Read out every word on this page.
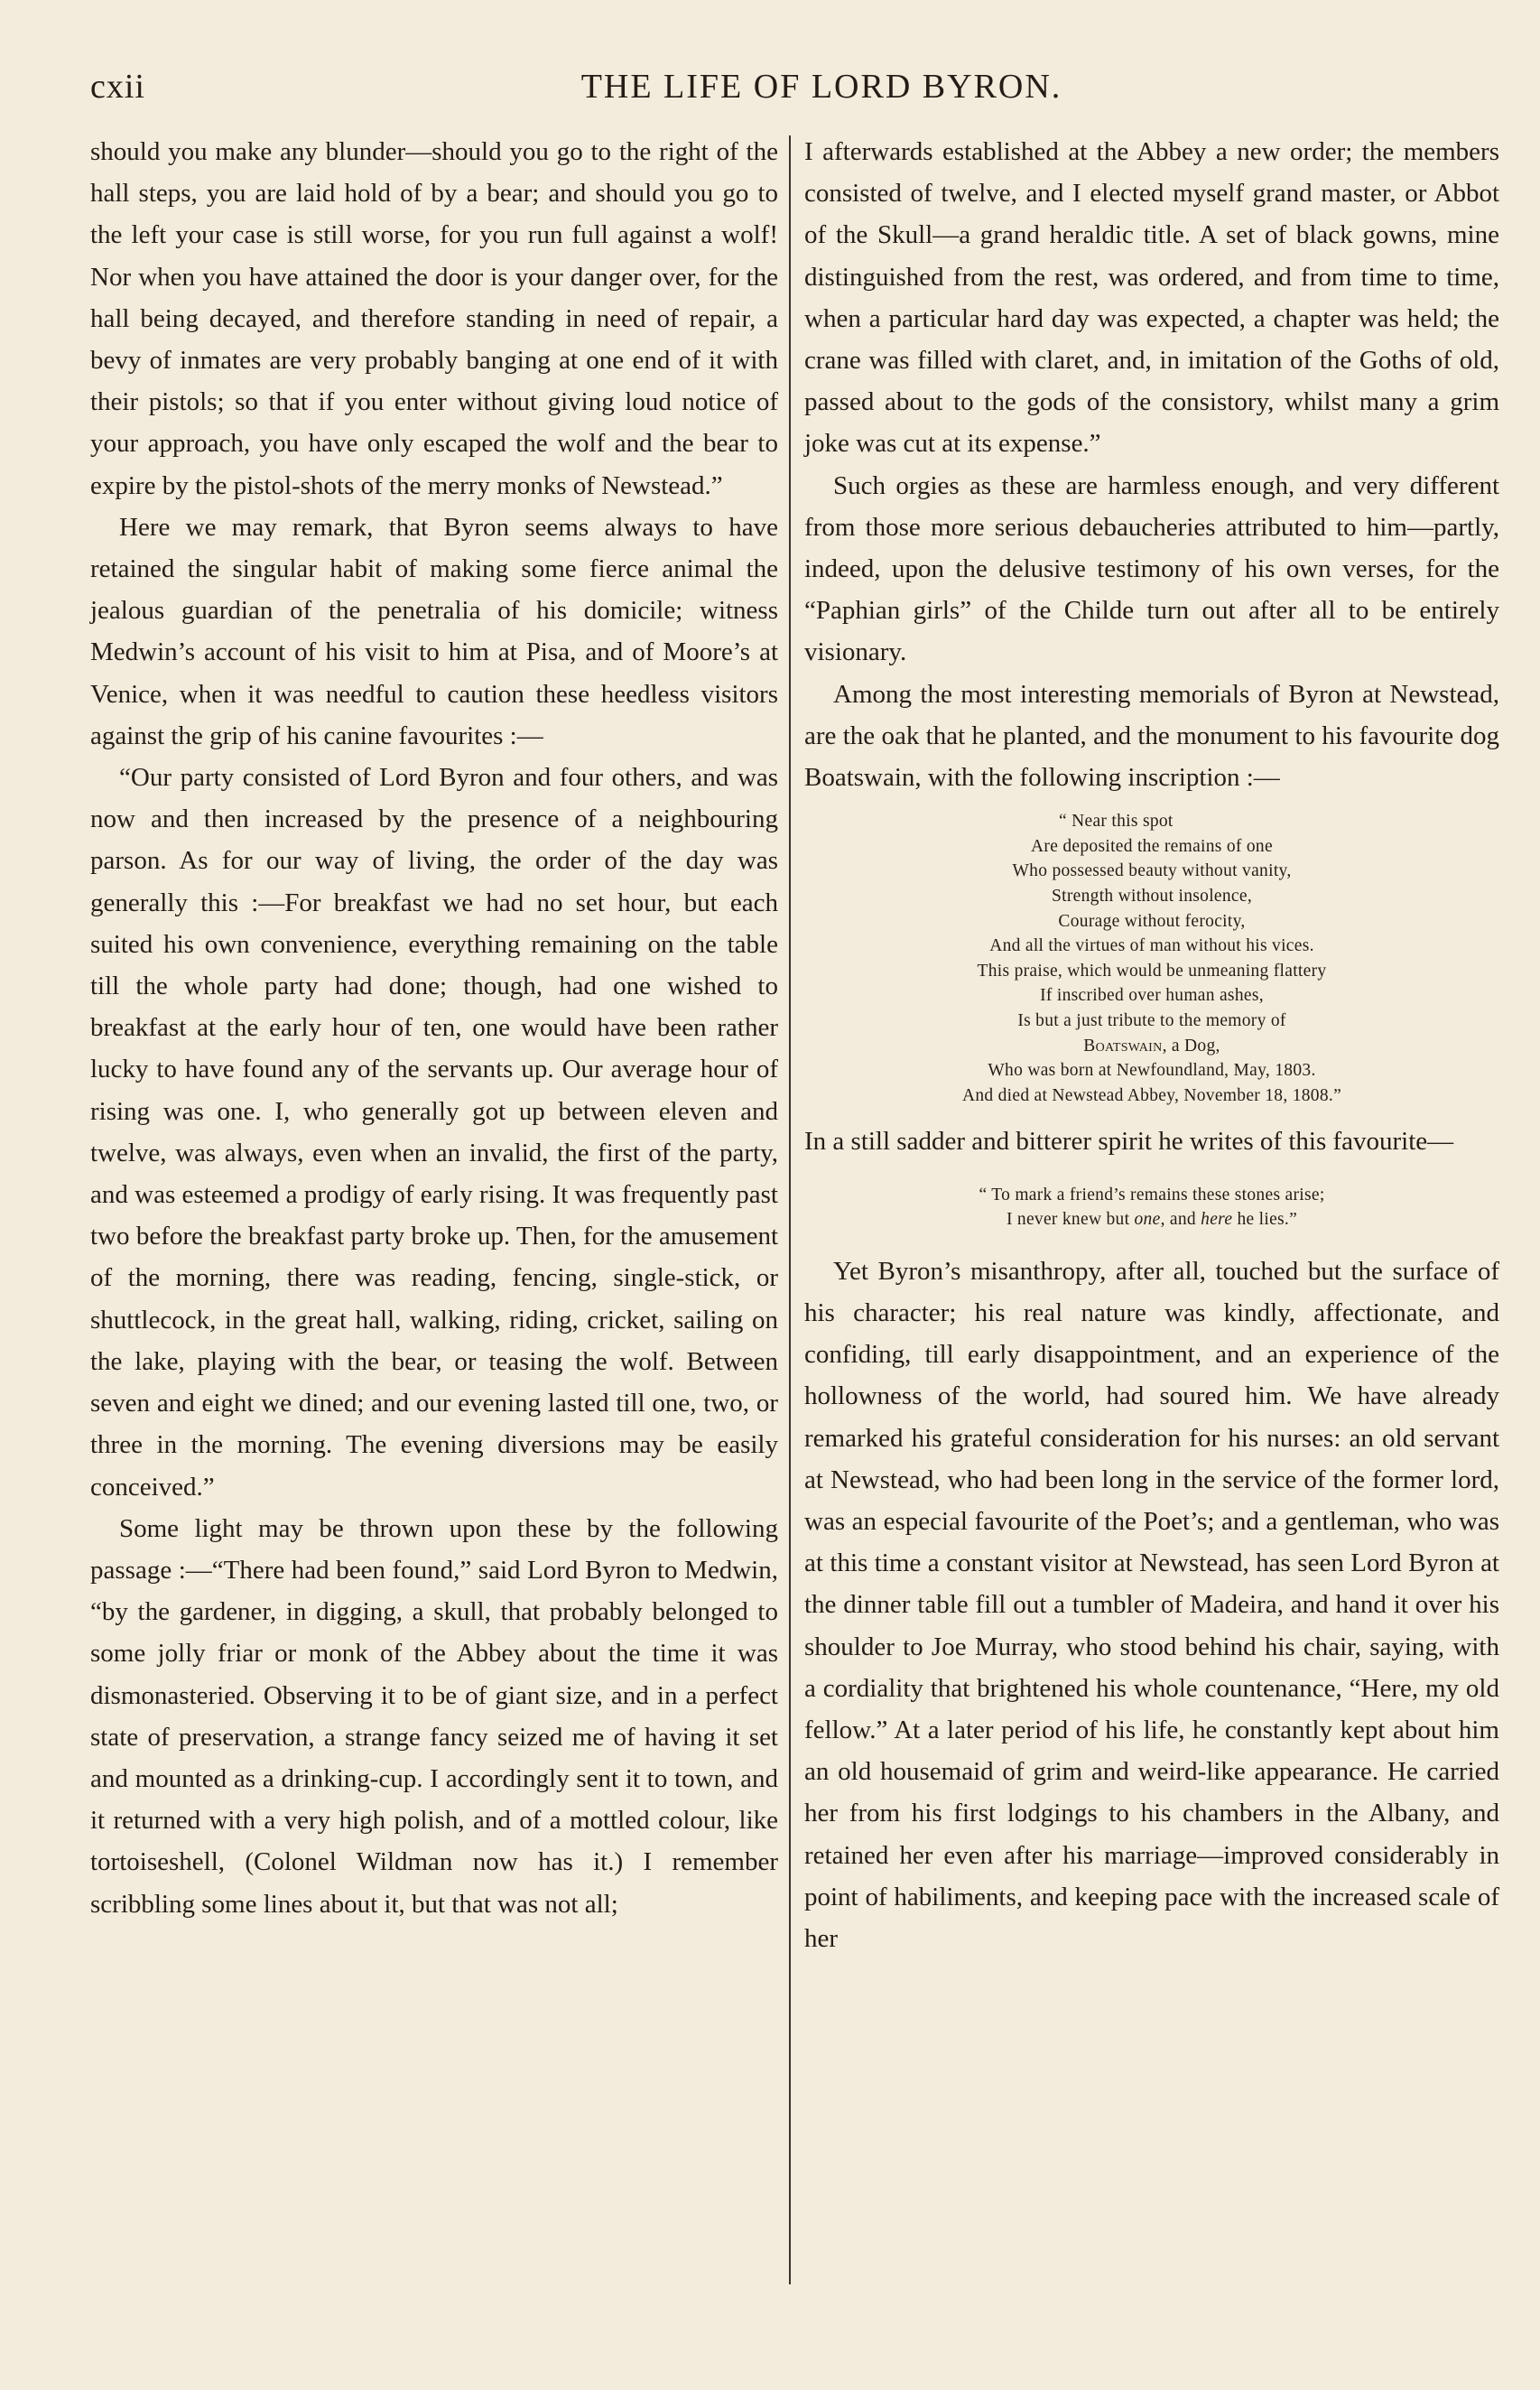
cxii	THE LIFE OF LORD BYRON.

should you make any blunder—should you go to the right of the hall steps, you are laid hold of by a bear; and should you go to the left your case is still worse, for you run full against a wolf! Nor when you have attained the door is your danger over, for the hall being decayed, and therefore standing in need of repair, a bevy of inmates are very probably banging at one end of it with their pistols; so that if you enter without giving loud notice of your approach, you have only escaped the wolf and the bear to expire by the pistol-shots of the merry monks of Newstead.”

Here we may remark, that Byron seems always to have retained the singular habit of making some fierce animal the jealous guardian of the penetralia of his domicile; witness Medwin’s account of his visit to him at Pisa, and of Moore’s at Venice, when it was needful to caution these heedless visitors against the grip of his canine favourites :—

“Our party consisted of Lord Byron and four others, and was now and then increased by the presence of a neighbouring parson. As for our way of living, the order of the day was generally this :—For breakfast we had no set hour, but each suited his own convenience, everything remaining on the table till the whole party had done; though, had one wished to breakfast at the early hour of ten, one would have been rather lucky to have found any of the servants up. Our average hour of rising was one. I, who generally got up between eleven and twelve, was always, even when an invalid, the first of the party, and was esteemed a prodigy of early rising. It was frequently past two before the breakfast party broke up. Then, for the amusement of the morning, there was reading, fencing, single-stick, or shuttlecock, in the great hall, walking, riding, cricket, sailing on the lake, playing with the bear, or teasing the wolf. Between seven and eight we dined; and our evening lasted till one, two, or three in the morning. The evening diversions may be easily conceived.”

Some light may be thrown upon these by the following passage :—“There had been found,” said Lord Byron to Medwin, “by the gardener, in digging, a skull, that probably belonged to some jolly friar or monk of the Abbey about the time it was dismonasteried. Observing it to be of giant size, and in a perfect state of preservation, a strange fancy seized me of having it set and mounted as a drinking-cup. I accordingly sent it to town, and it returned with a very high polish, and of a mottled colour, like tortoiseshell, (Colonel Wildman now has it.) I remember scribbling some lines about it, but that was not all;

I afterwards established at the Abbey a new order; the members consisted of twelve, and I elected myself grand master, or Abbot of the Skull—a grand heraldic title. A set of black gowns, mine distinguished from the rest, was ordered, and from time to time, when a particular hard day was expected, a chapter was held; the crane was filled with claret, and, in imitation of the Goths of old, passed about to the gods of the consistory, whilst many a grim joke was cut at its expense.”

Such orgies as these are harmless enough, and very different from those more serious debaucheries attributed to him—partly, indeed, upon the delusive testimony of his own verses, for the “Paphian girls” of the Childe turn out after all to be entirely visionary.

Among the most interesting memorials of Byron at Newstead, are the oak that he planted, and the monument to his favourite dog Boatswain, with the following inscription :—

“ Near this spot
Are deposited the remains of one
Who possessed beauty without vanity,
Strength without insolence,
Courage without ferocity,
And all the virtues of man without his vices.
This praise, which would be unmeaning flattery
If inscribed over human ashes,
Is but a just tribute to the memory of
Boatswain, a Dog,
Who was born at Newfoundland, May, 1803.
And died at Newstead Abbey, November 18, 1808.”

In a still sadder and bitterer spirit he writes of this favourite—

“ To mark a friend’s remains these stones arise;
I never knew but one, and here he lies.”

Yet Byron’s misanthropy, after all, touched but the surface of his character; his real nature was kindly, affectionate, and confiding, till early disappointment, and an experience of the hollowness of the world, had soured him. We have already remarked his grateful consideration for his nurses: an old servant at Newstead, who had been long in the service of the former lord, was an especial favourite of the Poet’s; and a gentleman, who was at this time a constant visitor at Newstead, has seen Lord Byron at the dinner table fill out a tumbler of Madeira, and hand it over his shoulder to Joe Murray, who stood behind his chair, saying, with a cordiality that brightened his whole countenance, “Here, my old fellow.” At a later period of his life, he constantly kept about him an old housemaid of grim and weird-like appearance. He carried her from his first lodgings to his chambers in the Albany, and retained her even after his marriage—improved considerably in point of habiliments, and keeping pace with the increased scale of her
